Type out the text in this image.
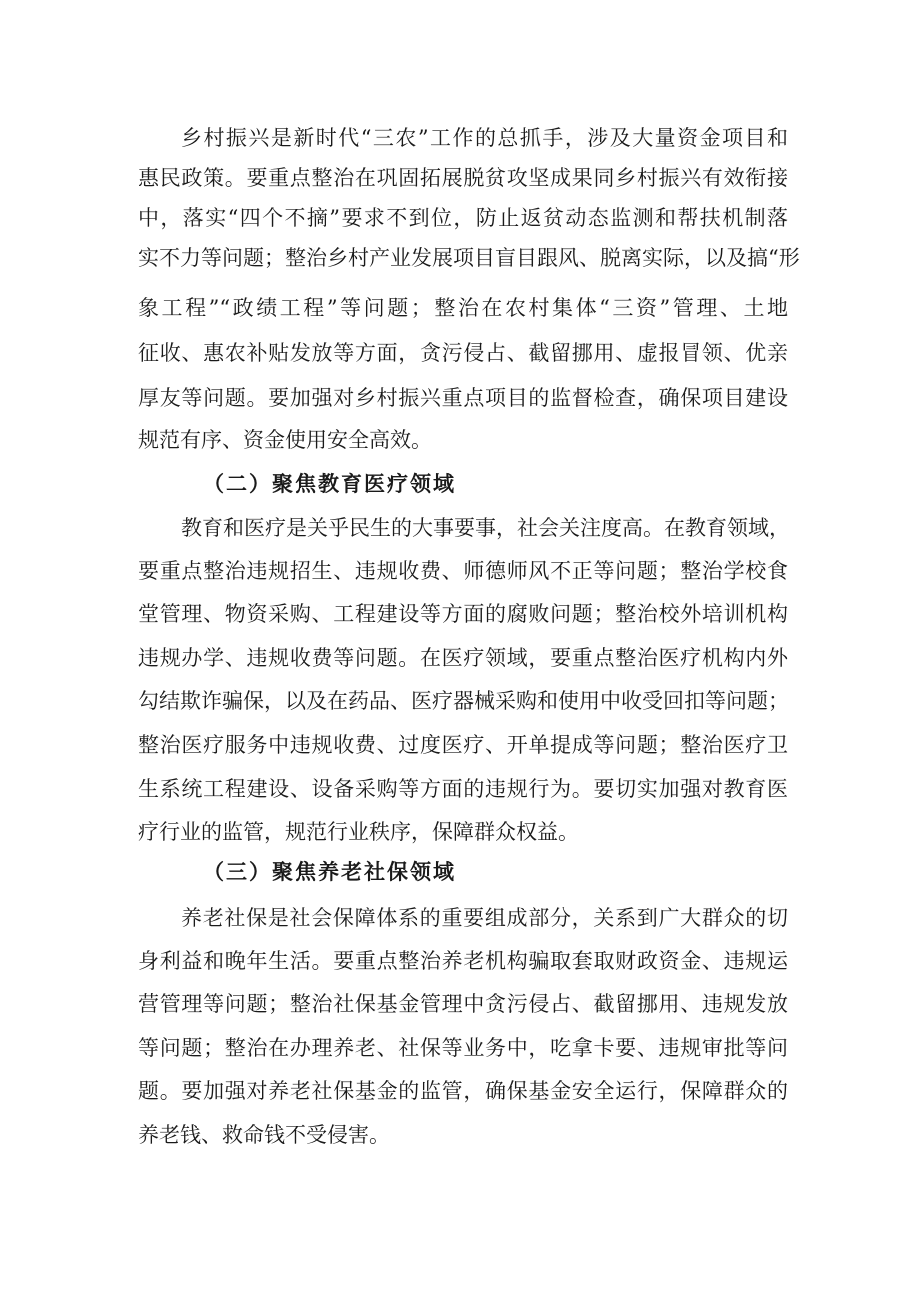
乡村振兴是新时代“三农”工作的总抓手，涉及大量资金项目和
惠民政策。要重点整治在巩固拓展脱贫攻坚成果同乡村振兴有效衔接
中，落实“四个不摘”要求不到位，防止返贫动态监测和帮扶机制落
实不力等问题；整治乡村产业发展项目盲目跟风、脱离实际，以及搞“形
象工程”“政绩工程”等问题；整治在农村集体“三资”管理、土地
征收、惠农补贴发放等方面，贪污侵占、截留挪用、虚报冒领、优亲
厚友等问题。要加强对乡村振兴重点项目的监督检查，确保项目建设
规范有序、资金使用安全高效。
（二）聚焦教育医疗领域
教育和医疗是关乎民生的大事要事，社会关注度高。在教育领域，
要重点整治违规招生、违规收费、师德师风不正等问题；整治学校食
堂管理、物资采购、工程建设等方面的腐败问题；整治校外培训机构
违规办学、违规收费等问题。在医疗领域，要重点整治医疗机构内外
勾结欺诈骗保，以及在药品、医疗器械采购和使用中收受回扣等问题；
整治医疗服务中违规收费、过度医疗、开单提成等问题；整治医疗卫
生系统工程建设、设备采购等方面的违规行为。要切实加强对教育医
疗行业的监管，规范行业秩序，保障群众权益。
（三）聚焦养老社保领域
养老社保是社会保障体系的重要组成部分，关系到广大群众的切
身利益和晚年生活。要重点整治养老机构骗取套取财政资金、违规运
营管理等问题；整治社保基金管理中贪污侵占、截留挪用、违规发放
等问题；整治在办理养老、社保等业务中，吃拿卡要、违规审批等问
题。要加强对养老社保基金的监管，确保基金安全运行，保障群众的
养老钱、救命钱不受侵害。
